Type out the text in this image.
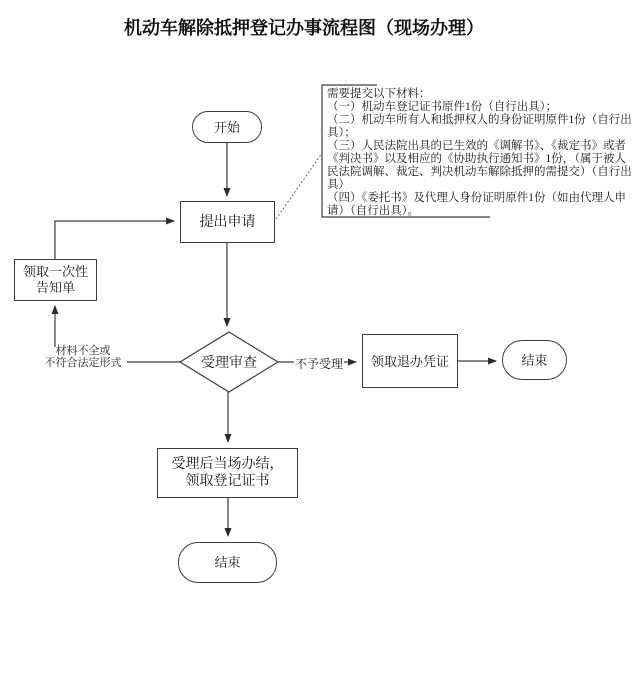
机动车解除抵押登记办事流程图（现场办理）
需要提交以下材料：
（一）机动车登记证书原件1份（自行出具）；
（二）机动车所有人和抵押权人的身份证明原件1份（自行出
具）；
（三）人民法院出具的已生效的《调解书》、《裁定书》或者
《判决书》以及相应的《协助执行通知书》1份，（属于被人
民法院调解、裁定、判决机动车解除抵押的需提交）（自行出
具）
（四）《委托书》及代理人身份证明原件1份（如由代理人申
请）（自行出具）。
开始
提出申请
领取一次性
告知单
受理审查	领取退办凭证	结束
受理后当场办结，
领取登记证书
结束
不予受理
材料不全或
不符合法定形式
